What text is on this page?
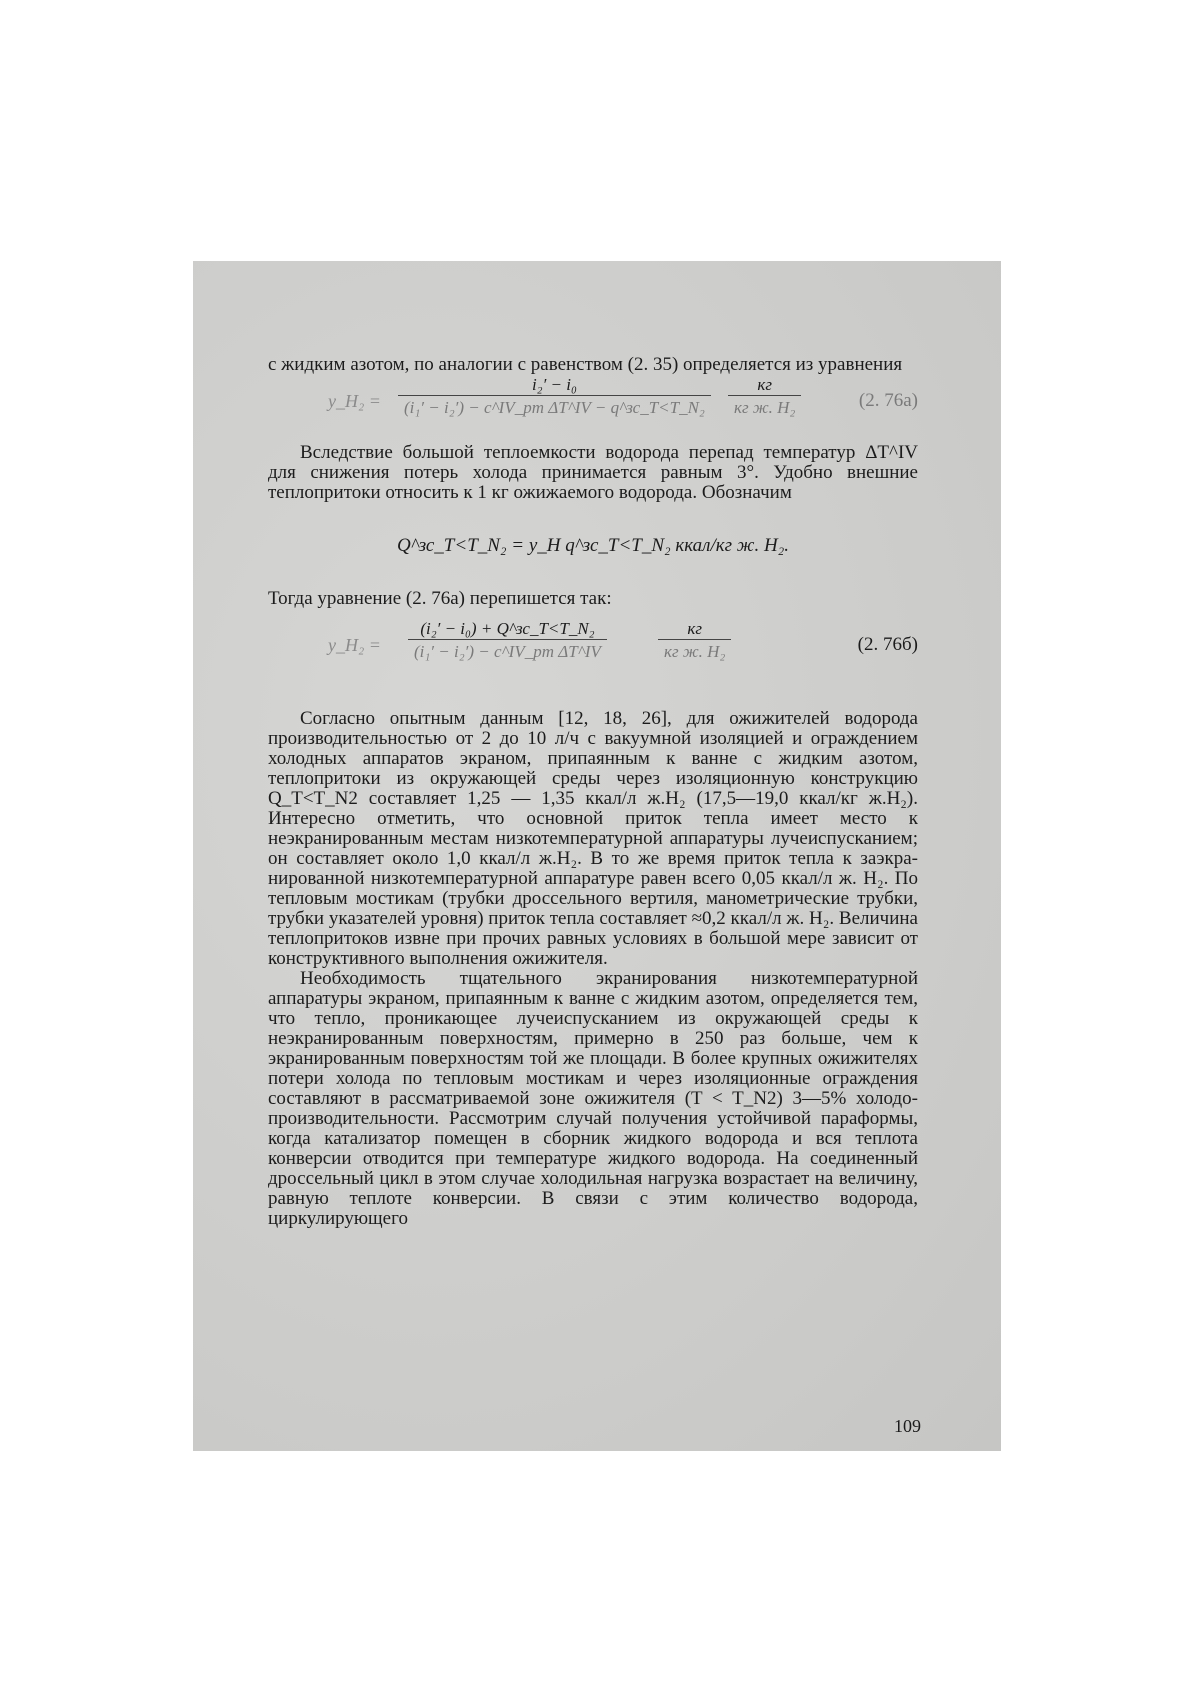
с жидким азотом, по аналогии с равенством (2. 35) определяется из уравнения

y_H₂ =
i₂′ − i₀
(i₁′ − i₂′) − c^IV_pm ΔT^IV − q^зс_T<T_N₂
кг
кг ж. H₂	(2. 76а)

Вследствие большой теплоемкости водорода перепад температур ΔT^IV для снижения потерь холода принимается равным 3°. Удобно внешние теплопритоки относить к 1 кг ожижаемого водорода. Обозначим

Q^зс_T<T_N₂ = y_H q^зс_T<T_N₂ ккал/кг ж. H₂.

Тогда уравнение (2. 76а) перепишется так:

y_H₂ =
(i₂′ − i₀) + Q^зс_T<T_N₂
(i₁′ − i₂′) − c^IV_pm ΔT^IV
кг
кг ж. H₂	(2. 76б)

Согласно опытным данным [12, 18, 26], для ожижителей водорода производительностью от 2 до 10 л/ч с вакуумной изоляцией и ограждением холодных аппаратов экраном, припаянным к ванне с жидким азотом, теплопритоки из окружающей среды через изоляционную конструкцию Q_T<T_N2 составляет 1,25 — 1,35 ккал/л ж.H₂ (17,5—19,0 ккал/кг ж.H₂). Интересно отметить, что основной приток тепла имеет место к неэкранированным местам низкотемпературной аппаратуры лучеиспусканием; он составляет около 1,0 ккал/л ж.H₂. В то же время приток тепла к заэкранированной низкотемпературной аппаратуре равен всего 0,05 ккал/л ж. H₂. По тепловым мостикам (трубки дроссельного вертиля, манометрические трубки, трубки указателей уровня) приток тепла составляет ≈0,2 ккал/л ж. H₂. Величина теплопритоков извне при прочих равных условиях в большой мере зависит от конструктивного выполнения ожижителя.

Необходимость тщательного экранирования низкотемпературной аппаратуры экраном, припаянным к ванне с жидким азотом, определяется тем, что тепло, проникающее лучеиспусканием из окружающей среды к неэкранированным поверхностям, примерно в 250 раз больше, чем к экранированным поверхностям той же площади. В более крупных ожижителях потери холода по тепловым мостикам и через изоляционные ограждения составляют в рассматриваемой зоне ожижителя (T < T_N2) 3—5% холодопроизводительности. Рассмотрим случай получения устойчивой параформы, когда катализатор помещен в сборник жидкого водорода и вся теплота конверсии отводится при температуре жидкого водорода. На соединенный дроссельный цикл в этом случае холодильная нагрузка возрастает на величину, равную теплоте конверсии. В связи с этим количество водорода, циркулирующего

109
